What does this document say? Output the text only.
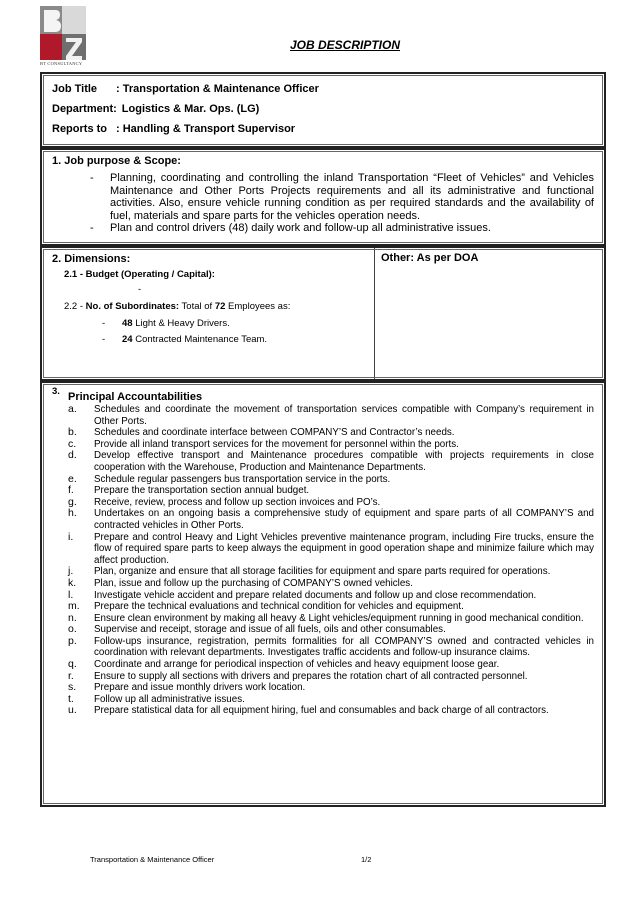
BT CONSULTANCY
JOB DESCRIPTION
Job Title	: Transportation & Maintenance Officer
Department: Logistics & Mar. Ops. (LG)
Reports to : Handling & Transport Supervisor
1. Job purpose & Scope:
- Planning, coordinating and controlling the inland Transportation “Fleet of Vehicles” and Vehicles Maintenance and Other Ports Projects requirements and all its administrative and functional activities. Also, ensure vehicle running condition as per required standards and the availability of fuel, materials and spare parts for the vehicles operation needs.
- Plan and control drivers (48) daily work and follow-up all administrative issues.
2. Dimensions:
2.1 - Budget (Operating / Capital):
-
2.2 - No. of Subordinates: Total of 72 Employees as:
-	48 Light & Heavy Drivers.
-	24 Contracted Maintenance Team.
Other: As per DOA
3. Principal Accountabilities
a.	Schedules and coordinate the movement of transportation services compatible with Company’s requirement in Other Ports.
b.	Schedules and coordinate interface between COMPANY’S and Contractor’s needs.
c.	Provide all inland transport services for the movement for personnel within the ports.
d.	Develop effective transport and Maintenance procedures compatible with projects requirements in close cooperation with the Warehouse, Production and Maintenance Departments.
e.	Schedule regular passengers bus transportation service in the ports.
f.	Prepare the transportation section annual budget.
g.	Receive, review, process and follow up section invoices and PO’s.
h.	Undertakes on an ongoing basis a comprehensive study of equipment and spare parts of all COMPANY’S and contracted vehicles in Other Ports.
i.	Prepare and control Heavy and Light Vehicles preventive maintenance program, including Fire trucks, ensure the flow of required spare parts to keep always the equipment in good operation shape and minimize failure which may affect production.
j.	Plan, organize and ensure that all storage facilities for equipment and spare parts required for operations.
k.	Plan, issue and follow up the purchasing of COMPANY’S owned vehicles.
l.	Investigate vehicle accident and prepare related documents and follow up and close recommendation.
m.	Prepare the technical evaluations and technical condition for vehicles and equipment.
n.	Ensure clean environment by making all heavy & Light vehicles/equipment running in good mechanical condition.
o.	Supervise and receipt, storage and issue of all fuels, oils and other consumables.
p.	Follow-ups insurance, registration, permits formalities for all COMPANY’S owned and contracted vehicles in coordination with relevant departments. Investigates traffic accidents and follow-up insurance claims.
q.	Coordinate and arrange for periodical inspection of vehicles and heavy equipment loose gear.
r.	Ensure to supply all sections with drivers and prepares the rotation chart of all contracted personnel.
s.	Prepare and issue monthly drivers work location.
t.	Follow up all administrative issues.
u.	Prepare statistical data for all equipment hiring, fuel and consumables and back charge of all contractors.
Transportation & Maintenance Officer	1/2
